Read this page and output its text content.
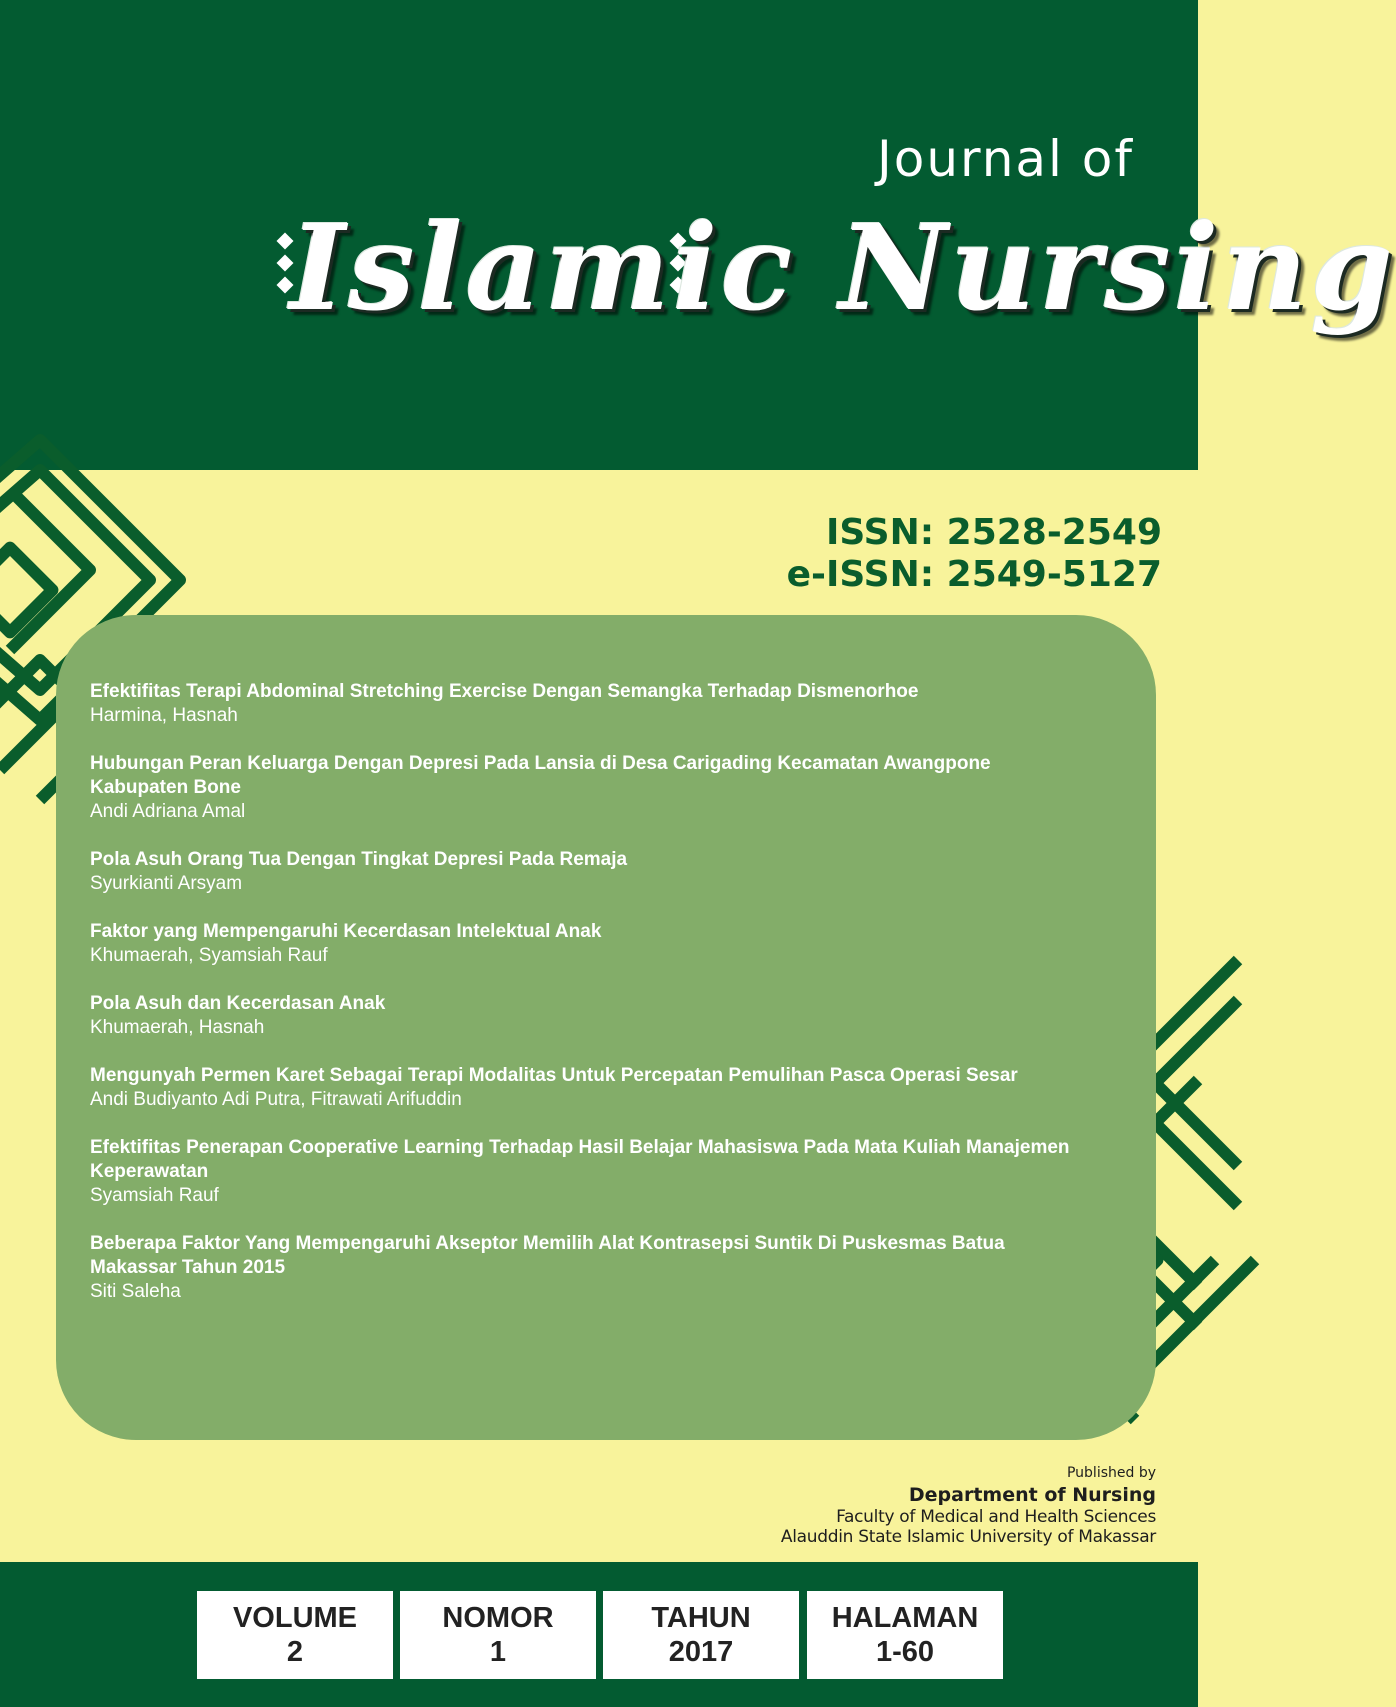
Journal of
Islamic Nursing
ISSN: 2528-2549
e-ISSN: 2549-5127
Efektifitas Terapi Abdominal Stretching Exercise Dengan Semangka Terhadap Dismenorhoe
Harmina, Hasnah
Hubungan Peran Keluarga Dengan Depresi Pada Lansia di Desa Carigading Kecamatan Awangpone Kabupaten Bone
Andi Adriana Amal
Pola Asuh Orang Tua Dengan Tingkat Depresi Pada Remaja
Syurkianti Arsyam
Faktor yang Mempengaruhi Kecerdasan Intelektual Anak
Khumaerah, Syamsiah Rauf
Pola Asuh dan Kecerdasan Anak
Khumaerah, Hasnah
Mengunyah Permen Karet Sebagai Terapi Modalitas Untuk Percepatan Pemulihan Pasca Operasi Sesar
Andi Budiyanto Adi Putra, Fitrawati Arifuddin
Efektifitas Penerapan Cooperative Learning Terhadap Hasil Belajar Mahasiswa Pada Mata Kuliah Manajemen Keperawatan
Syamsiah Rauf
Beberapa Faktor Yang Mempengaruhi Akseptor Memilih Alat Kontrasepsi Suntik Di Puskesmas Batua Makassar Tahun 2015
Siti Saleha
Published by
Department of Nursing
Faculty of Medical and Health Sciences
Alauddin State Islamic University of Makassar
VOLUME
2
NOMOR
1
TAHUN
2017
HALAMAN
1-60
